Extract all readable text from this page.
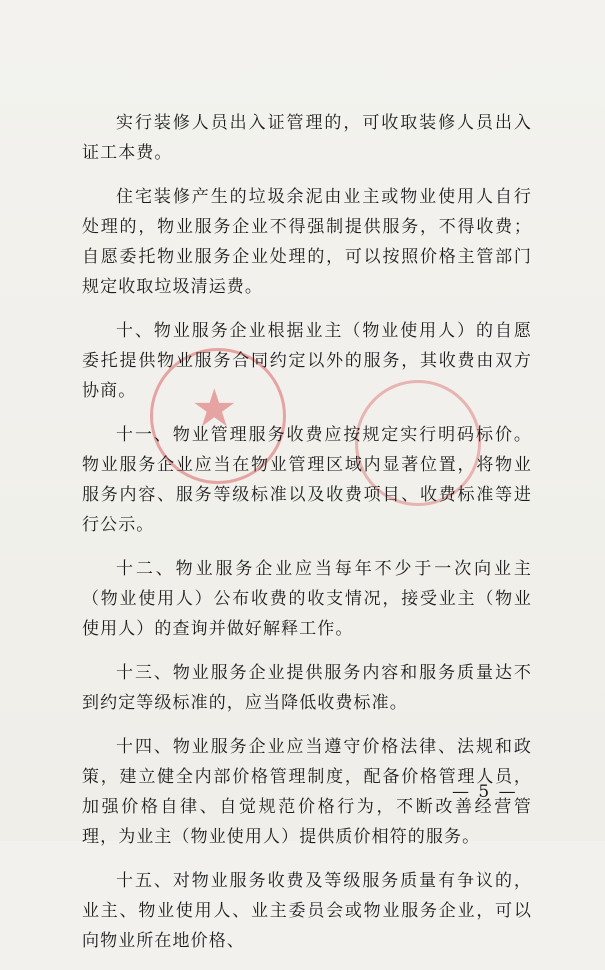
★

实行装修人员出入证管理的，可收取装修人员出入证工本费。

住宅装修产生的垃圾余泥由业主或物业使用人自行处理的，物业服务企业不得强制提供服务，不得收费；自愿委托物业服务企业处理的，可以按照价格主管部门规定收取垃圾清运费。

十、物业服务企业根据业主（物业使用人）的自愿委托提供物业服务合同约定以外的服务，其收费由双方协商。

十一、物业管理服务收费应按规定实行明码标价。物业服务企业应当在物业管理区域内显著位置，将物业服务内容、服务等级标准以及收费项目、收费标准等进行公示。

十二、物业服务企业应当每年不少于一次向业主（物业使用人）公布收费的收支情况，接受业主（物业使用人）的查询并做好解释工作。

十三、物业服务企业提供服务内容和服务质量达不到约定等级标准的，应当降低收费标准。

十四、物业服务企业应当遵守价格法律、法规和政策，建立健全内部价格管理制度，配备价格管理人员，加强价格自律、自觉规范价格行为，不断改善经营管理，为业主（物业使用人）提供质价相符的服务。

十五、对物业服务收费及等级服务质量有争议的，业主、物业使用人、业主委员会或物业服务企业，可以向物业所在地价格、

— 5 —
